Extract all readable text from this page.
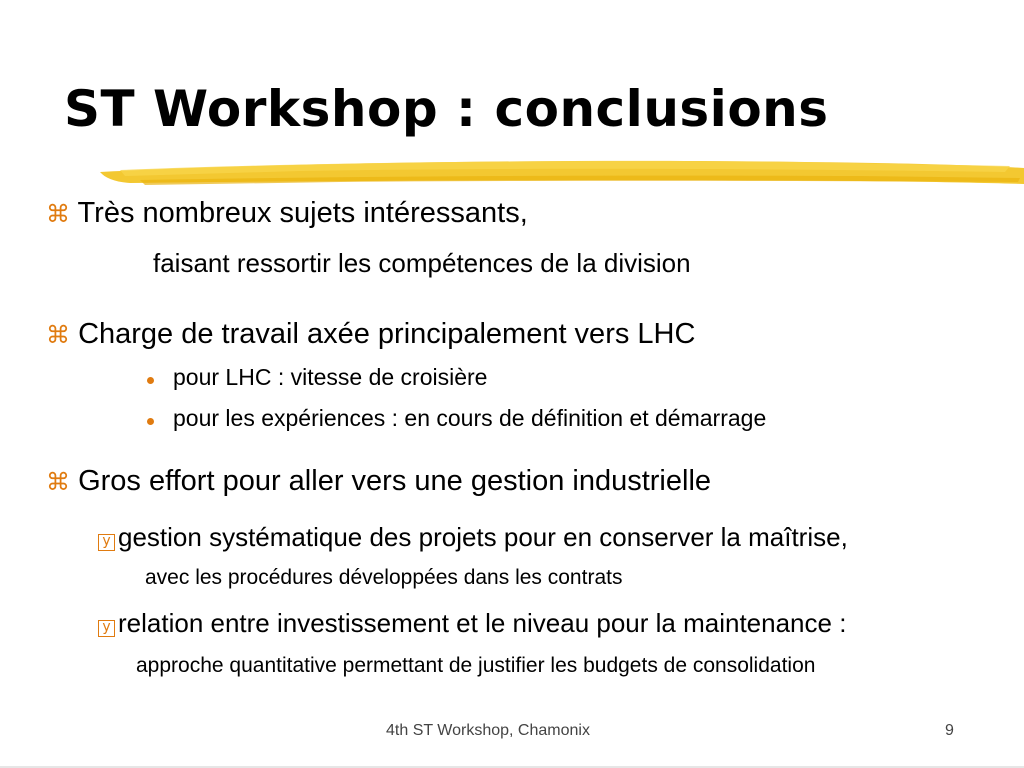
ST Workshop : conclusions
⌘ Très nombreux sujets intéressants,
faisant ressortir les compétences de la division
⌘ Charge de travail axée principalement vers LHC
pour LHC : vitesse de croisière
pour les expériences : en cours de définition et démarrage
⌘ Gros effort pour aller vers une gestion industrielle
y gestion systématique des projets pour en conserver la maîtrise,
avec les procédures développées dans les contrats
y relation entre investissement et le niveau pour la maintenance :
approche quantitative permettant de justifier les budgets de consolidation
4th ST Workshop, Chamonix	9
